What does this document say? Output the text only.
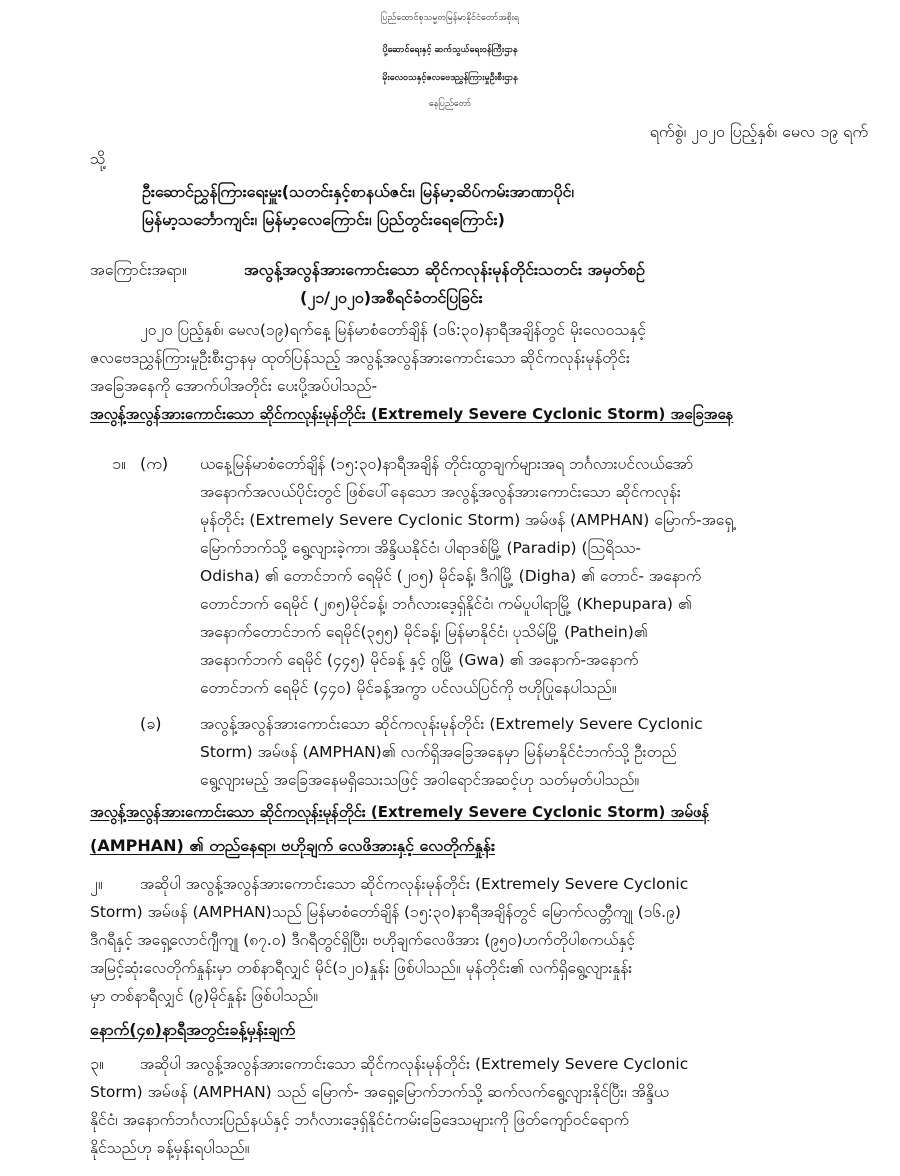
ပြည်ထောင်စုသမ္မတမြန်မာနိုင်ငံတော်အစိုးရ
ပို့ဆောင်ရေးနှင့် ဆက်သွယ်ရေးဝန်ကြီးဌာန
မိုးလေဝသနှင့်ဇလဗေဒညွှန်ကြားမှုဦးစီးဌာန
နေပြည်တော်
ရက်စွဲ၊ ၂၀၂၀ ပြည့်နှစ်၊ မေလ ၁၉ ရက်
သို့
ဦးဆောင်ညွှန်ကြားရေးမှူး(သတင်းနှင့်စာနယ်ဇင်း၊ မြန်မာ့ဆိပ်ကမ်းအာဏာပိုင်၊
မြန်မာ့သင်္ဘောကျင်း၊ မြန်မာ့လေကြောင်း၊ ပြည်တွင်းရေကြောင်း)
အကြောင်းအရာ။	အလွန့်အလွန်အားကောင်းသော ဆိုင်ကလုန်းမုန်တိုင်းသတင်း အမှတ်စဉ်
(၂၁/၂၀၂၀)အစီရင်ခံတင်ပြခြင်း
၂၀၂၀ ပြည့်နှစ်၊ မေလ(၁၉)ရက်နေ့ မြန်မာစံတော်ချိန် (၁၆:၃၀)နာရီအချိန်တွင် မိုးလေဝသနှင့်
ဇလဗေဒညွှန်ကြားမှုဦးစီးဌာနမှ ထုတ်ပြန်သည့် အလွန့်အလွန်အားကောင်းသော ဆိုင်ကလုန်းမုန်တိုင်း
အခြေအနေကို အောက်ပါအတိုင်း ပေးပို့အပ်ပါသည်-
အလွန့်အလွန်အားကောင်းသော ဆိုင်ကလုန်းမုန်တိုင်း (Extremely Severe Cyclonic Storm) အခြေအနေ
၁။ (က) ယနေ့မြန်မာစံတော်ချိန် (၁၅:၃၀)နာရီအချိန် တိုင်းထွာချက်များအရ ဘင်္ဂလားပင်လယ်အော်
အနောက်အလယ်ပိုင်းတွင် ဖြစ်ပေါ်နေသော အလွန့်အလွန်အားကောင်းသော ဆိုင်ကလုန်း
မုန်တိုင်း (Extremely Severe Cyclonic Storm) အမ်ဖန် (AMPHAN) မြောက်-အရှေ့
မြောက်ဘက်သို့ ရွေ့လျားခဲ့ကာ၊ အိန္ဒိယနိုင်ငံ၊ ပါရာဒစ်မြို့ (Paradip) (ဩရိဿ-
Odisha) ၏ တောင်ဘက် ရေမိုင် (၂၀၅) မိုင်ခန့်၊ ဒီဂါမြို့ (Digha) ၏ တောင်- အနောက်
တောင်ဘက် ရေမိုင် (၂၈၅)မိုင်ခန့်၊ ဘင်္ဂလားဒေ့ရှ်နိုင်ငံ၊ ကမ်ပူပါရာမြို့ (Khepupara) ၏
အနောက်တောင်ဘက် ရေမိုင်(၃၅၅) မိုင်ခန့်၊ မြန်မာနိုင်ငံ၊ ပုသိမ်မြို့ (Pathein)၏
အနောက်ဘက် ရေမိုင် (၄၄၅) မိုင်ခန့် နှင့် ဂွမြို့ (Gwa) ၏ အနောက်-အနောက်
တောင်ဘက် ရေမိုင် (၄၄၀) မိုင်ခန့်အကွာ ပင်လယ်ပြင်ကို ဗဟိုပြုနေပါသည်။
(ခ) အလွန့်အလွန်အားကောင်းသော ဆိုင်ကလုန်းမုန်တိုင်း (Extremely Severe Cyclonic
Storm) အမ်ဖန် (AMPHAN)၏ လက်ရှိအခြေအနေမှာ မြန်မာနိုင်ငံဘက်သို့ ဦးတည်
ရွေ့လျားမည့် အခြေအနေမရှိသေးသဖြင့် အဝါရောင်အဆင့်ဟု သတ်မှတ်ပါသည်။
အလွန့်အလွန်အားကောင်းသော ဆိုင်ကလုန်းမုန်တိုင်း (Extremely Severe Cyclonic Storm) အမ်ဖန်
(AMPHAN) ၏ တည်နေရာ၊ ဗဟိုချက် လေဖိအားနှင့် လေတိုက်နှုန်း
၂။ အဆိုပါ အလွန့်အလွန်အားကောင်းသော ဆိုင်ကလုန်းမုန်တိုင်း (Extremely Severe Cyclonic
Storm) အမ်ဖန် (AMPHAN)သည် မြန်မာစံတော်ချိန် (၁၅:၃၀)နာရီအချိန်တွင် မြောက်လတ္တီကျု (၁၆.၉)
ဒီဂရီနှင့် အရှေ့လောင်ဂျီကျု (၈၇.၀) ဒီဂရီတွင်ရှိပြီး၊ ဗဟိုချက်လေဖိအား (၉၅၀)ဟက်တိုပါစကယ်နှင့်
အမြင့်ဆုံးလေတိုက်နှုန်းမှာ တစ်နာရီလျှင် မိုင်(၁၂၀)နှုန်း ဖြစ်ပါသည်။ မုန်တိုင်း၏ လက်ရှိရွေ့လျားနှုန်း
မှာ တစ်နာရီလျှင် (၉)မိုင်နှုန်း ဖြစ်ပါသည်။
နောက်(၄၈)နာရီအတွင်းခန့်မှန်းချက်
၃။ အဆိုပါ အလွန့်အလွန်အားကောင်းသော ဆိုင်ကလုန်းမုန်တိုင်း (Extremely Severe Cyclonic
Storm) အမ်ဖန် (AMPHAN) သည် မြောက်- အရှေ့မြောက်ဘက်သို့ ဆက်လက်ရွေ့လျားနိုင်ပြီး၊ အိန္ဒိယ
နိုင်ငံ၊ အနောက်ဘင်္ဂလားပြည်နယ်နှင့် ဘင်္ဂလားဒေ့ရှ်နိုင်ငံကမ်းခြေဒေသများကို ဖြတ်ကျော်ဝင်ရောက်
နိုင်သည်ဟု ခန့်မှန်းရပါသည်။
